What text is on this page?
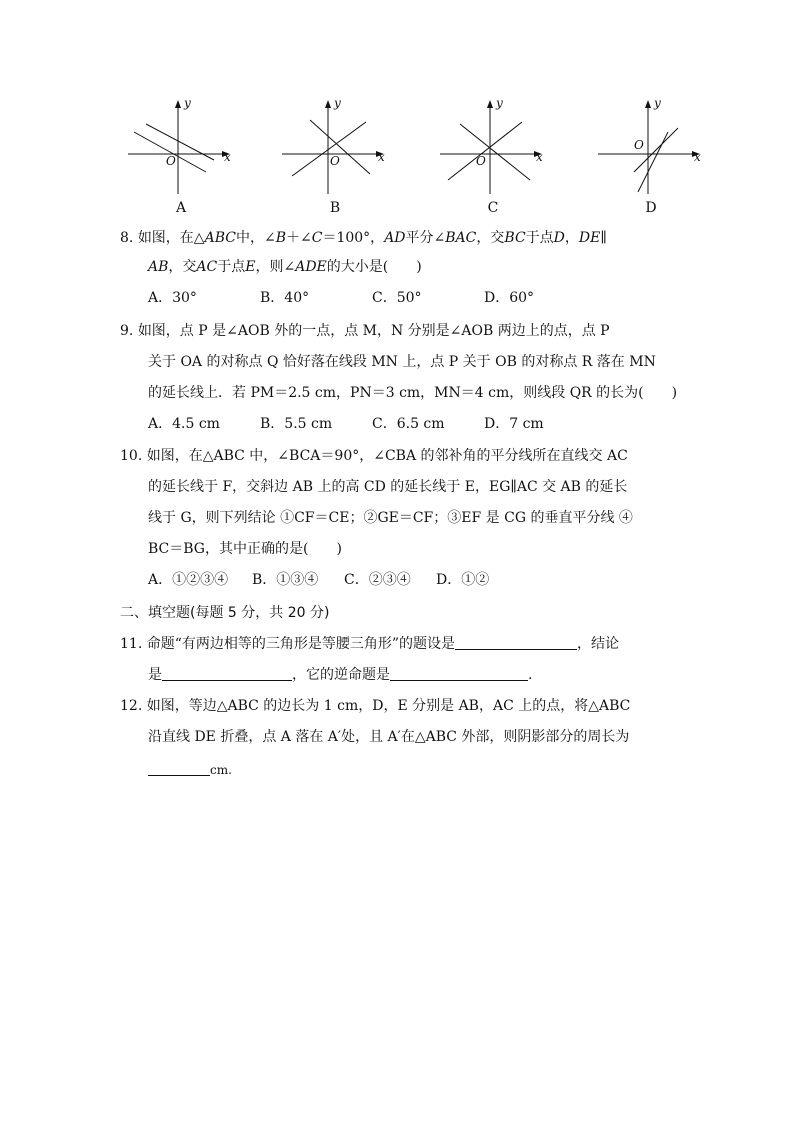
y
x
O
A
y
x
O
B
y
x
O
C
y
x
O
D
8. 如图，在△ABC中，∠B＋∠C＝100°，AD平分∠BAC，交BC于点D，DE∥
AB，交AC于点E，则∠ADE的大小是(　　)
A．30°	B．40°	C．50°	D．60°
9. 如图，点 P 是∠AOB 外的一点，点 M，N 分别是∠AOB 两边上的点，点 P
关于 OA 的对称点 Q 恰好落在线段 MN 上，点 P 关于 OB 的对称点 R 落在 MN
的延长线上．若 PM＝2.5 cm，PN＝3 cm，MN＝4 cm，则线段 QR 的长为(　　)
A．4.5 cm	B．5.5 cm	C．6.5 cm	D．7 cm
10. 如图，在△ABC 中，∠BCA＝90°，∠CBA 的邻补角的平分线所在直线交 AC
的延长线于 F，交斜边 AB 上的高 CD 的延长线于 E，EG∥AC 交 AB 的延长
线于 G，则下列结论 ①CF＝CE；②GE＝CF；③EF 是 CG 的垂直平分线 ④
BC＝BG，其中正确的是(　　)
A．①②③④ B．①③④ C．②③④ D．①②
二、填空题(每题 5 分，共 20 分)
11. 命题“有两边相等的三角形是等腰三角形”的题设是	，结论
是	，它的逆命题是	.
12. 如图，等边△ABC 的边长为 1 cm，D，E 分别是 AB，AC 上的点，将△ABC
沿直线 DE 折叠，点 A 落在 A′处，且 A′在△ABC 外部，则阴影部分的周长为
cm.
